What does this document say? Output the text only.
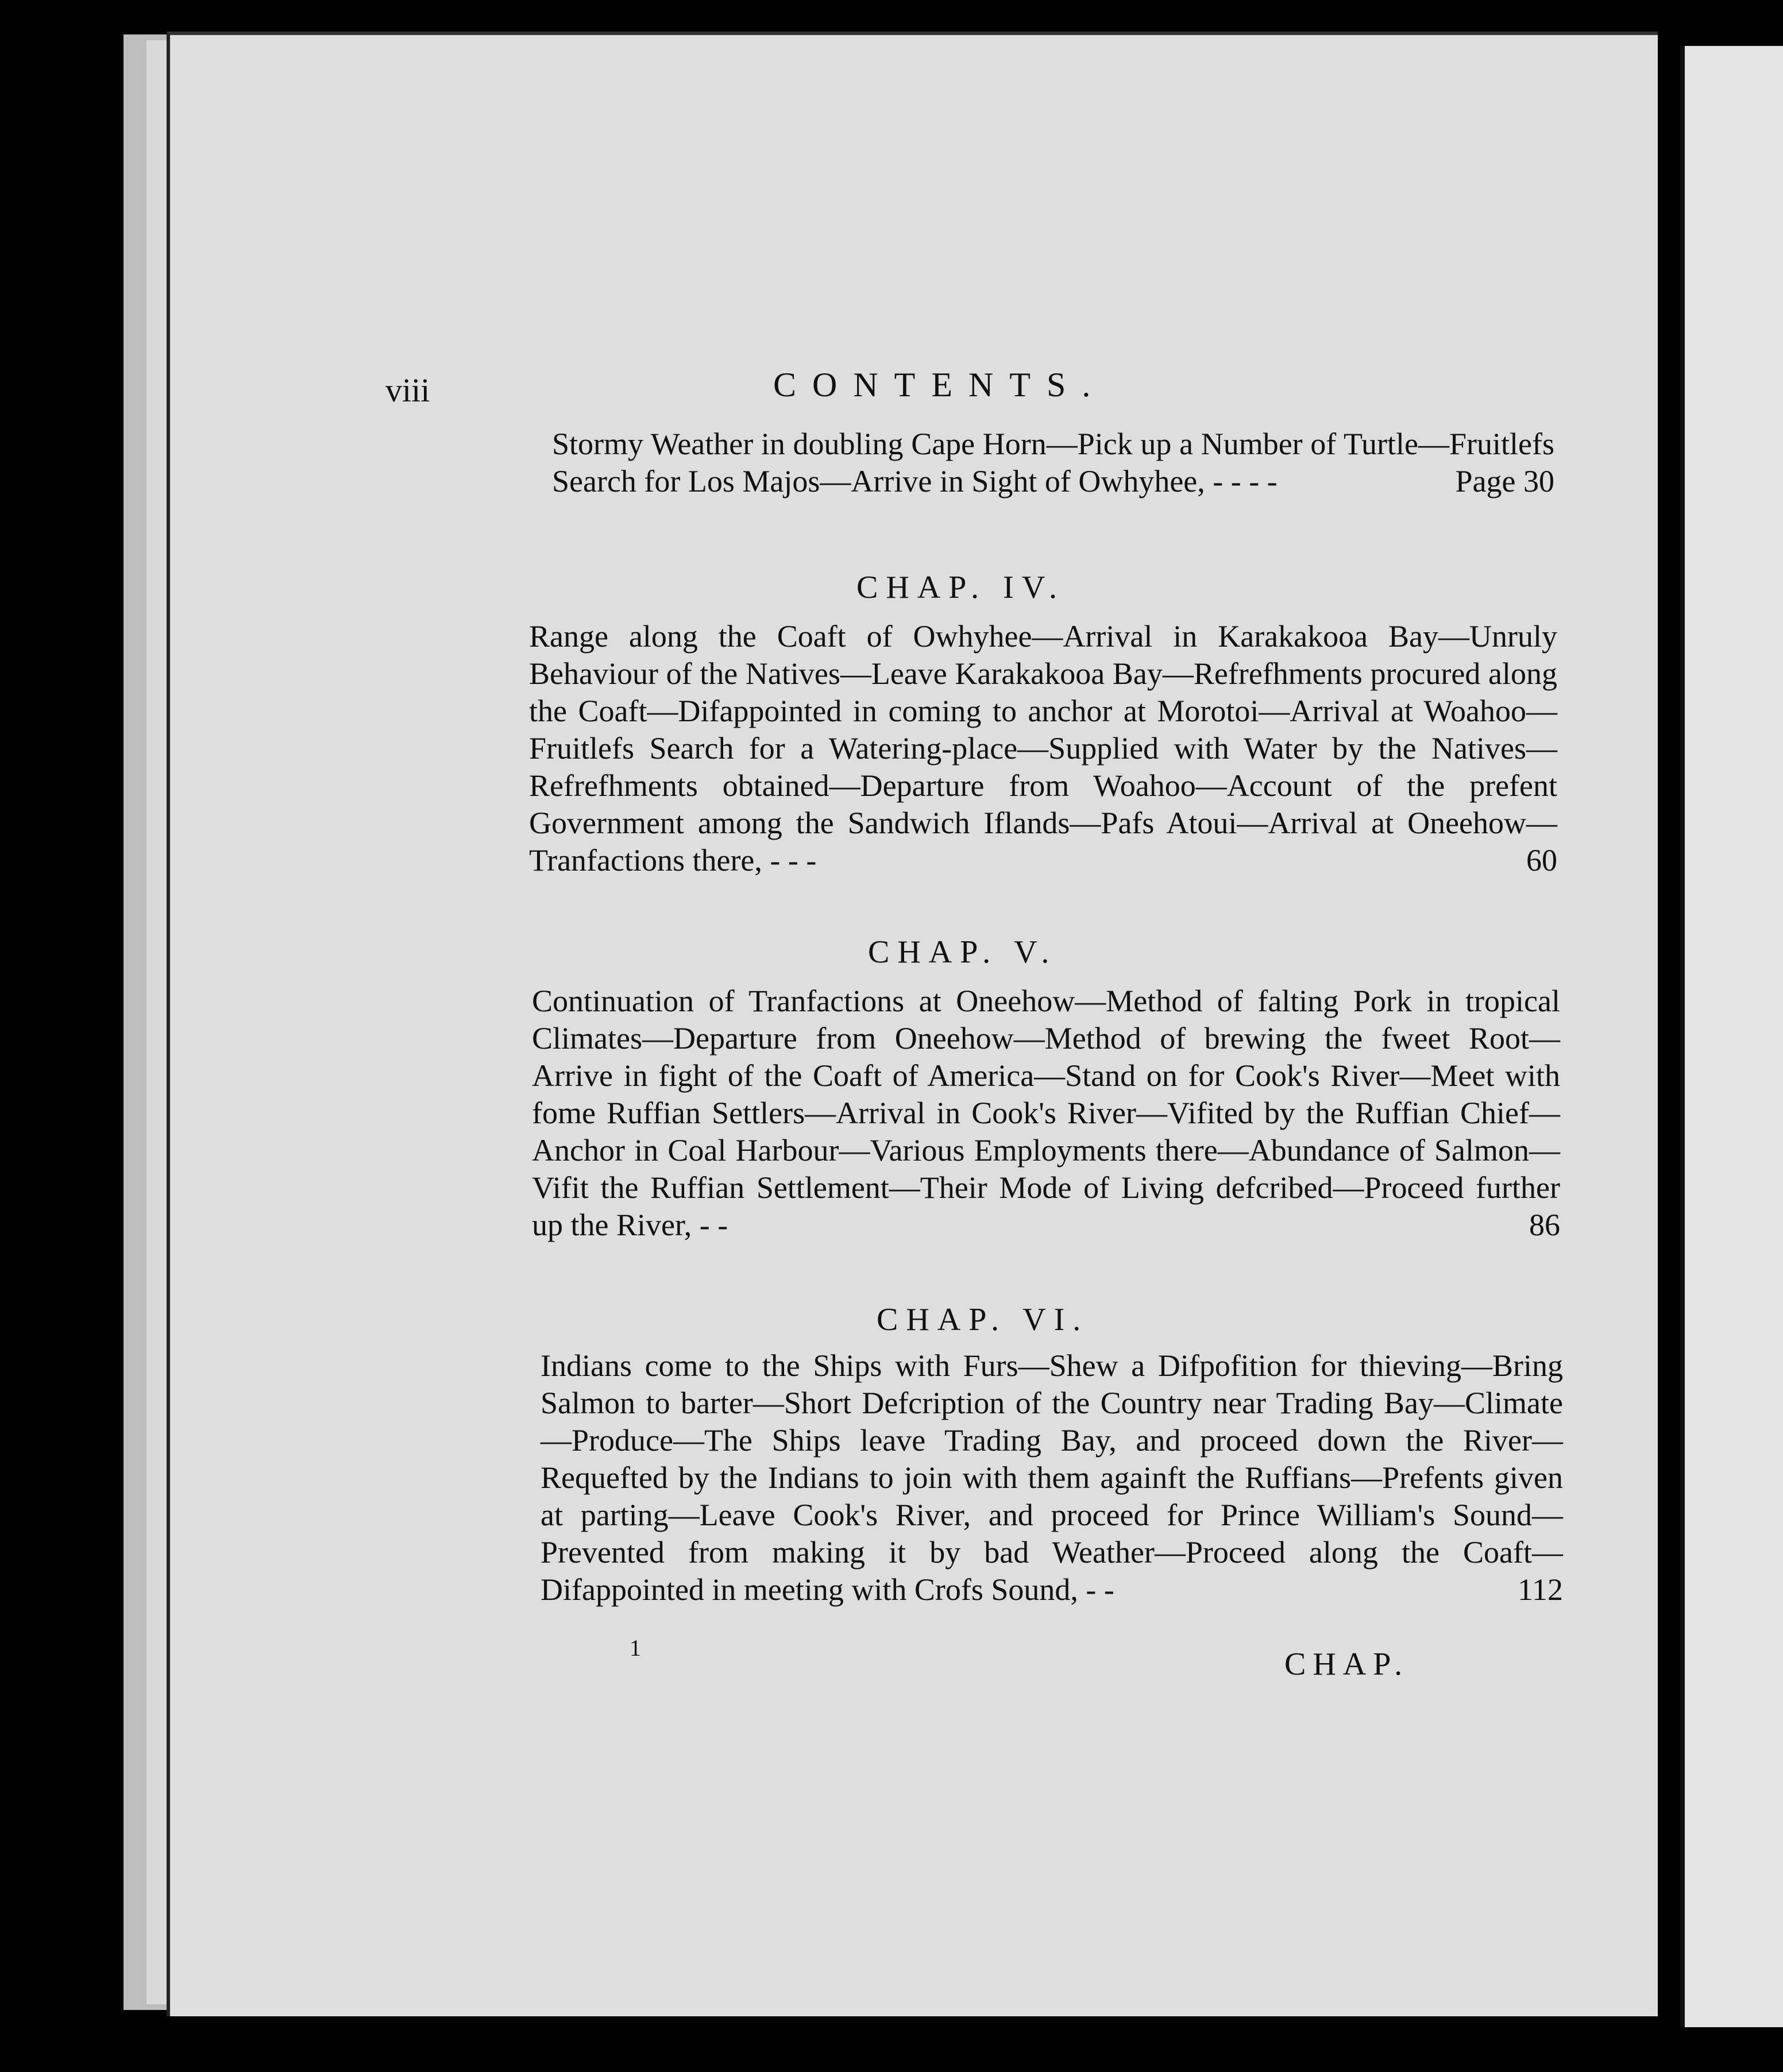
viii	CONTENTS.
Stormy Weather in doubling Cape Horn—Pick up a Number of Turtle—Fruitlefs Search for Los Majos—Arrive in Sight of Owhyhee, - - - -	Page 30
CHAP. IV.
Range along the Coaft of Owhyhee—Arrival in Karakakooa Bay—Unruly Behaviour of the Natives—Leave Karakakooa Bay—Refrefhments procured along the Coaft—Difappointed in coming to anchor at Morotoi—Arrival at Woahoo—Fruitlefs Search for a Watering-place—Supplied with Water by the Natives—Refrefhments obtained—Departure from Woahoo—Account of the prefent Government among the Sandwich Iflands—Pafs Atoui—Arrival at Oneehow—Tranfactions there, - - -	60
CHAP. V.
Continuation of Tranfactions at Oneehow—Method of falting Pork in tropical Climates—Departure from Oneehow—Method of brewing the fweet Root—Arrive in fight of the Coaft of America—Stand on for Cook's River—Meet with fome Ruffian Settlers—Arrival in Cook's River—Vifited by the Ruffian Chief—Anchor in Coal Harbour—Various Employments there—Abundance of Salmon—Vifit the Ruffian Settlement—Their Mode of Living defcribed—Proceed further up the River, - -	86
CHAP. VI.
Indians come to the Ships with Furs—Shew a Difpofition for thieving—Bring Salmon to barter—Short Defcription of the Country near Trading Bay—Climate—Produce—The Ships leave Trading Bay, and proceed down the River—Requefted by the Indians to join with them againft the Ruffians—Prefents given at parting—Leave Cook's River, and proceed for Prince William's Sound—Prevented from making it by bad Weather—Proceed along the Coaft—Difappointed in meeting with Crofs Sound, - -	112
1	CHAP.
